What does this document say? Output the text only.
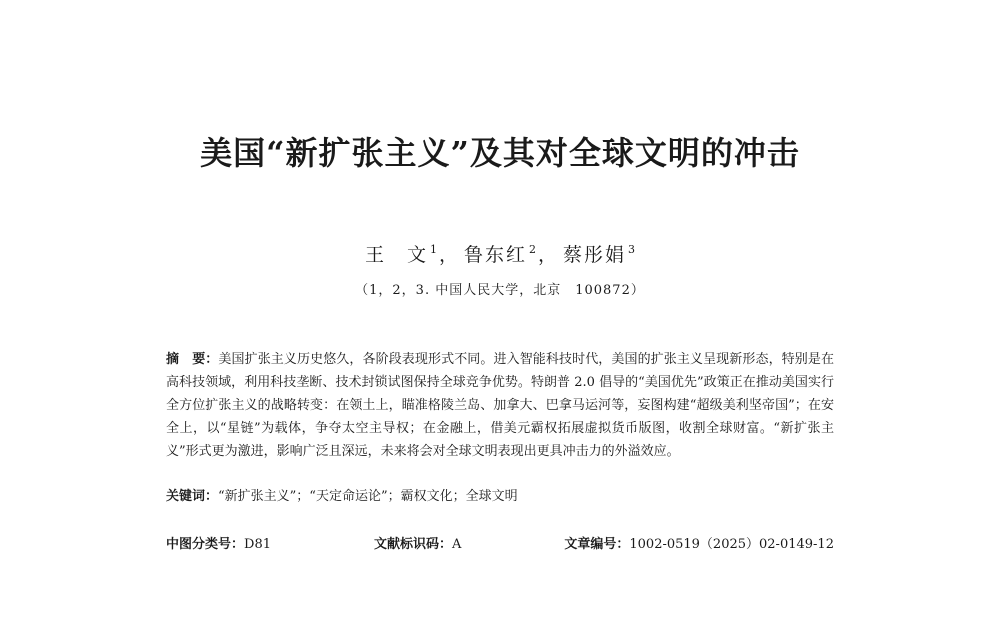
美国“新扩张主义”及其对全球文明的冲击
王　文 $^1$ ， 鲁东红 $^2$ ， 蔡彤娟 $^3$
（1，2，3. 中国人民大学，北京　100872）
摘　要：美国扩张主义历史悠久，各阶段表现形式不同。进入智能科技时代，美国的扩张主义呈现新形态，特别是在高科技领域，利用科技垄断、技术封锁试图保持全球竞争优势。特朗普 2.0 倡导的“美国优先”政策正在推动美国实行全方位扩张主义的战略转变：在领土上，瞄准格陵兰岛、加拿大、巴拿马运河等，妄图构建“超级美利坚帝国”；在安全上，以“星链”为载体，争夺太空主导权；在金融上，借美元霸权拓展虚拟货币版图，收割全球财富。“新扩张主义”形式更为激进，影响广泛且深远，未来将会对全球文明表现出更具冲击力的外溢效应。
关键词：“新扩张主义”；“天定命运论”；霸权文化；全球文明
中图分类号：D81	文献标识码：A	文章编号：1002-0519（2025）02-0149-12
